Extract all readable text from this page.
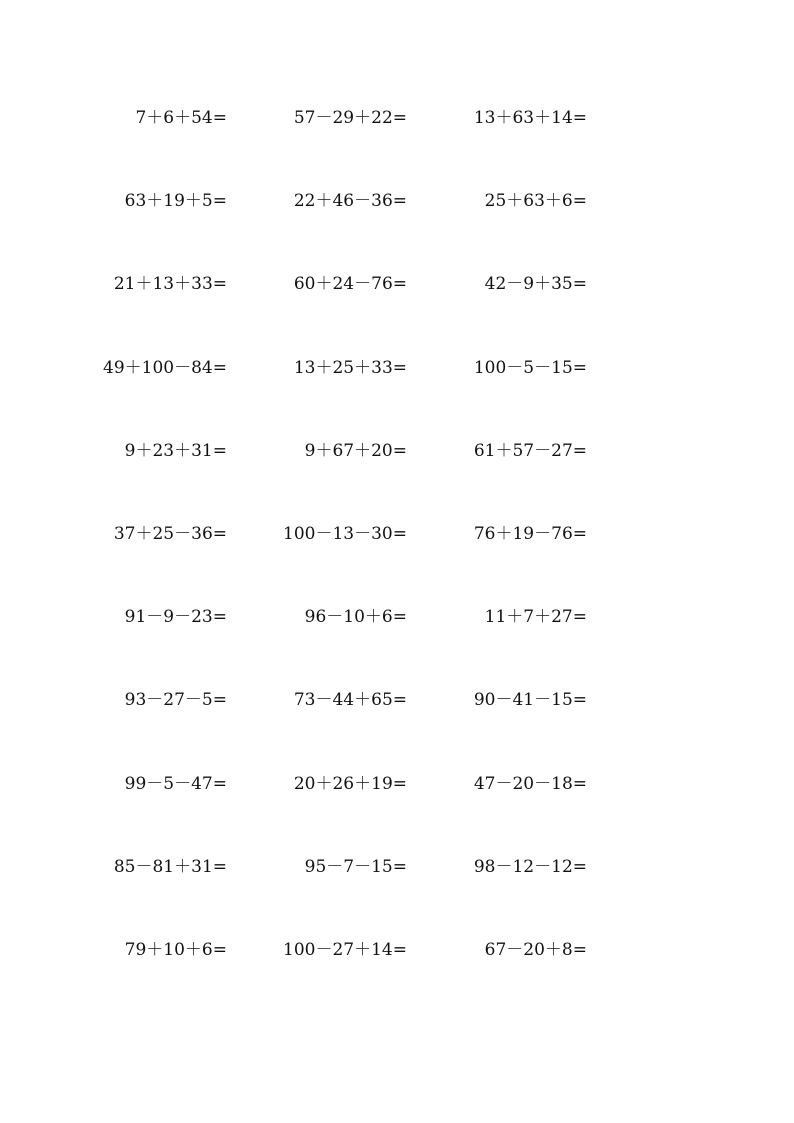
7＋6＋54=	57－29＋22=	13＋63＋14=
63＋19＋5=	22＋46－36=	25＋63＋6=
21＋13＋33=	60＋24－76=	42－9＋35=
49＋100－84=	13＋25＋33=	100－5－15=
9＋23＋31=	9＋67＋20=	61＋57－27=
37＋25－36=	100－13－30=	76＋19－76=
91－9－23=	96－10＋6=	11＋7＋27=
93－27－5=	73－44＋65=	90－41－15=
99－5－47=	20＋26＋19=	47－20－18=
85－81＋31=	95－7－15=	98－12－12=
79＋10＋6=	100－27＋14=	67－20＋8=
